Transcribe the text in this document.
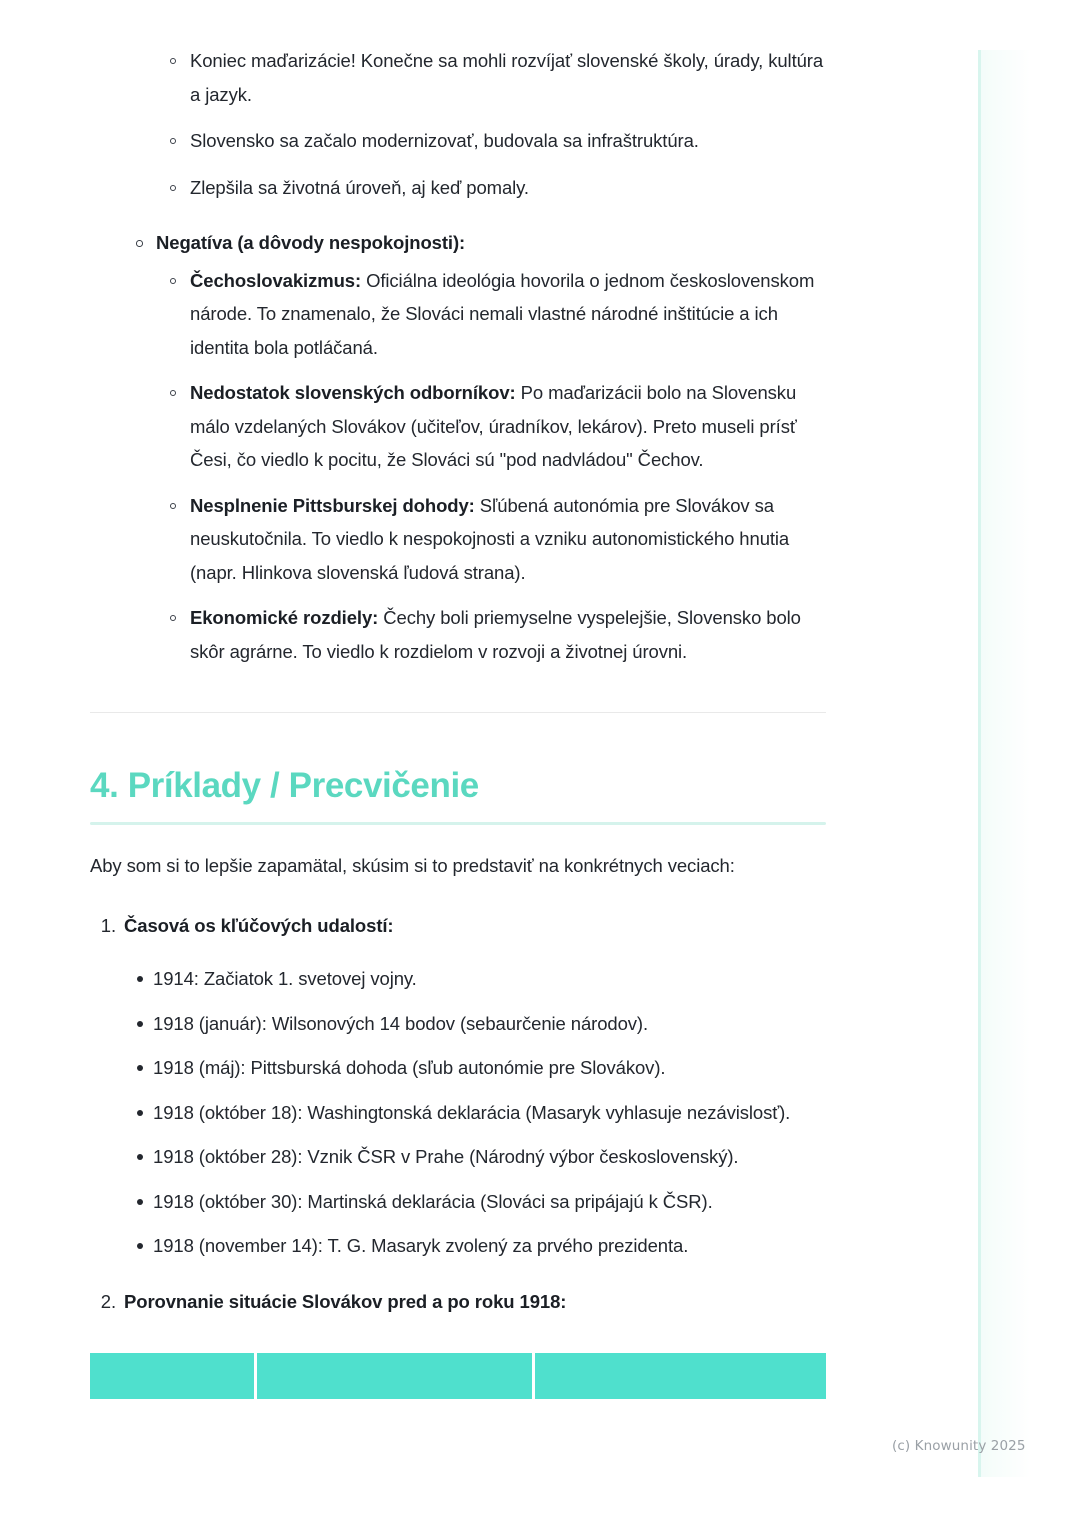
Koniec maďarizácie! Konečne sa mohli rozvíjať slovenské školy, úrady, kultúra a jazyk.
Slovensko sa začalo modernizovať, budovala sa infraštruktúra.
Zlepšila sa životná úroveň, aj keď pomaly.
Negatíva (a dôvody nespokojnosti):
Čechoslovakizmus: Oficiálna ideológia hovorila o jednom československom národe. To znamenalo, že Slováci nemali vlastné národné inštitúcie a ich identita bola potláčaná.
Nedostatok slovenských odborníkov: Po maďarizácii bolo na Slovensku málo vzdelaných Slovákov (učiteľov, úradníkov, lekárov). Preto museli prísť Česi, čo viedlo k pocitu, že Slováci sú "pod nadvládou" Čechov.
Nesplnenie Pittsburskej dohody: Sľúbená autonómia pre Slovákov sa neuskutočnila. To viedlo k nespokojnosti a vzniku autonomistického hnutia (napr. Hlinkova slovenská ľudová strana).
Ekonomické rozdiely: Čechy boli priemyselne vyspelejšie, Slovensko bolo skôr agrárne. To viedlo k rozdielom v rozvoji a životnej úrovni.
4. Príklady / Precvičenie

Aby som si to lepšie zapamätal, skúsim si to predstaviť na konkrétnych veciach:

1. Časová os kľúčových udalostí:
1914: Začiatok 1. svetovej vojny.
1918 (január): Wilsonových 14 bodov (sebaurčenie národov).
1918 (máj): Pittsburská dohoda (sľub autonómie pre Slovákov).
1918 (október 18): Washingtonská deklarácia (Masaryk vyhlasuje nezávislosť).
1918 (október 28): Vznik ČSR v Prahe (Národný výbor československý).
1918 (október 30): Martinská deklarácia (Slováci sa pripájajú k ČSR).
1918 (november 14): T. G. Masaryk zvolený za prvého prezidenta.
2. Porovnanie situácie Slovákov pred a po roku 1918:

(c) Knowunity 2025
